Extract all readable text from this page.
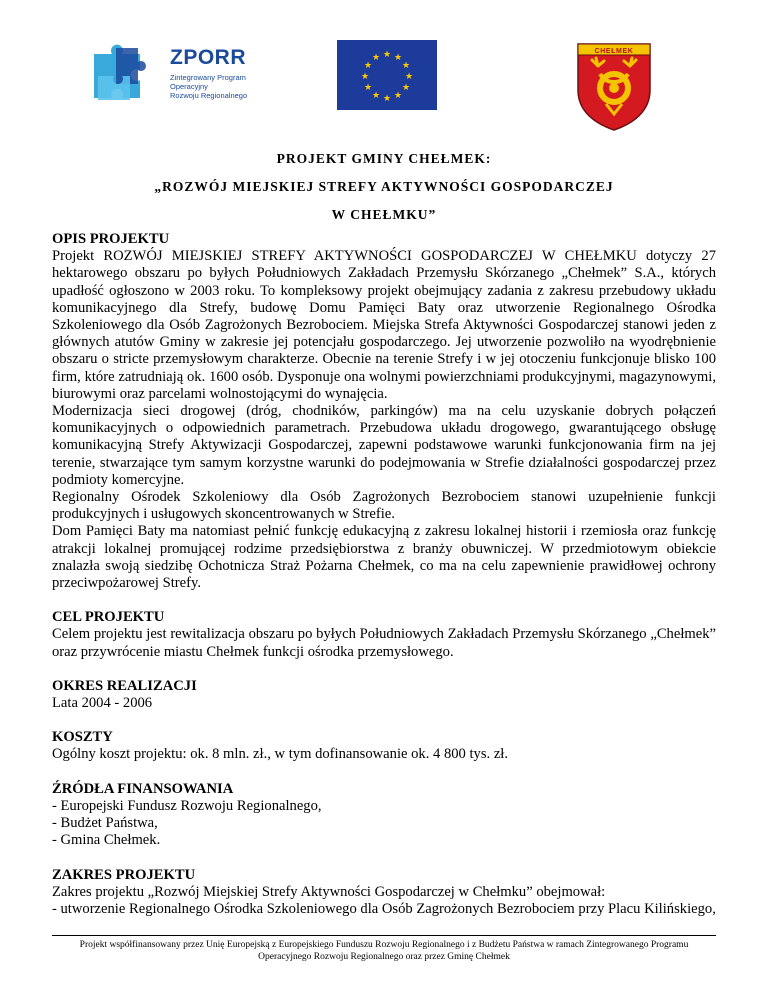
ZPORR
Zintegrowany Program
Operacyjny
Rozwoju Regionalnego
★ ★
★
★
★
★
★
★
★
★
★
★
CHEŁMEK
PROJEKT GMINY CHEŁMEK:
„ROZWÓJ MIEJSKIEJ STREFY AKTYWNOŚCI GOSPODARCZEJ
W CHEŁMKU”
OPIS PROJEKTU

Projekt ROZWÓJ MIEJSKIEJ STREFY AKTYWNOŚCI GOSPODARCZEJ W CHEŁMKU dotyczy 27 hektarowego obszaru po byłych Południowych Zakładach Przemysłu Skórzanego „Chełmek” S.A., których upadłość ogłoszono w 2003 roku. To kompleksowy projekt obejmujący zadania z zakresu przebudowy układu komunikacyjnego dla Strefy, budowę Domu Pamięci Baty oraz utworzenie Regionalnego Ośrodka Szkoleniowego dla Osób Zagrożonych Bezrobociem. Miejska Strefa Aktywności Gospodarczej stanowi jeden z głównych atutów Gminy w zakresie jej potencjału gospodarczego. Jej utworzenie pozwoliło na wyodrębnienie obszaru o stricte przemysłowym charakterze. Obecnie na terenie Strefy i w jej otoczeniu funkcjonuje blisko 100 firm, które zatrudniają ok. 1600 osób. Dysponuje ona wolnymi powierzchniami produkcyjnymi, magazynowymi, biurowymi oraz parcelami wolnostojącymi do wynajęcia.

Modernizacja sieci drogowej (dróg, chodników, parkingów) ma na celu uzyskanie dobrych połączeń komunikacyjnych o odpowiednich parametrach. Przebudowa układu drogowego, gwarantującego obsługę komunikacyjną Strefy Aktywizacji Gospodarczej, zapewni podstawowe warunki funkcjonowania firm na jej terenie, stwarzające tym samym korzystne warunki do podejmowania w Strefie działalności gospodarczej przez podmioty komercyjne.

Regionalny Ośrodek Szkoleniowy dla Osób Zagrożonych Bezrobociem stanowi uzupełnienie funkcji produkcyjnych i usługowych skoncentrowanych w Strefie.

Dom Pamięci Baty ma natomiast pełnić funkcję edukacyjną z zakresu lokalnej historii i rzemiosła oraz funkcję atrakcji lokalnej promującej rodzime przedsiębiorstwa z branży obuwniczej. W przedmiotowym obiekcie znalazła swoją siedzibę Ochotnicza Straż Pożarna Chełmek, co ma na celu zapewnienie prawidłowej ochrony przeciwpożarowej Strefy.

CEL PROJEKTU

Celem projektu jest rewitalizacja obszaru po byłych Południowych Zakładach Przemysłu Skórzanego „Chełmek” oraz przywrócenie miastu Chełmek funkcji ośrodka przemysłowego.

OKRES REALIZACJI

Lata 2004 - 2006

KOSZTY

Ogólny koszt projektu: ok. 8 mln. zł., w tym dofinansowanie ok. 4 800 tys. zł.

ŹRÓDŁA FINANSOWANIA

- Europejski Fundusz Rozwoju Regionalnego,

- Budżet Państwa,

- Gmina Chełmek.

ZAKRES PROJEKTU

Zakres projektu „Rozwój Miejskiej Strefy Aktywności Gospodarczej w Chełmku” obejmował:

- utworzenie Regionalnego Ośrodka Szkoleniowego dla Osób Zagrożonych Bezrobociem przy Placu Kilińskiego,

Projekt współfinansowany przez Unię Europejską z Europejskiego Funduszu Rozwoju Regionalnego i z Budżetu Państwa w ramach Zintegrowanego Programu
Operacyjnego Rozwoju Regionalnego oraz przez Gminę Chełmek
